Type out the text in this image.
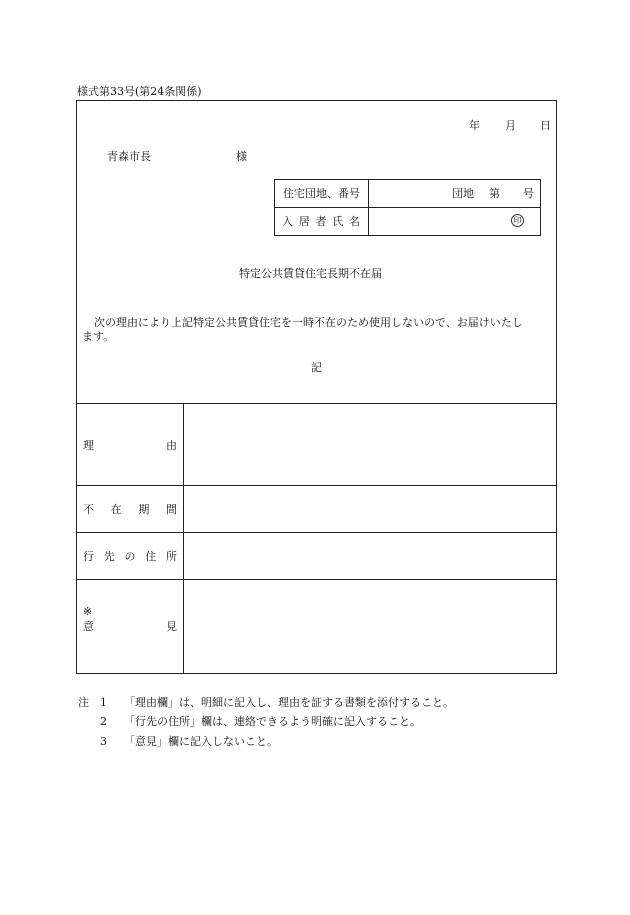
様式第33号(第24条関係)
年 月 日
青森市長	様
住宅団地、番号	団地 第 号
入 居 者 氏 名	印
特定公共賃貸住宅長期不在届
次の理由により上記特定公共賃貸住宅を一時不在のため使用しないので、お届けいたし
ます。
記
理	由
不 在 期 間
行 先 の 住 所
※
意	見
注 1 「理由欄」は、明細に記入し、理由を証する書類を添付すること。
2 「行先の住所」欄は、連絡できるよう明確に記入すること。
3 「意見」欄に記入しないこと。
